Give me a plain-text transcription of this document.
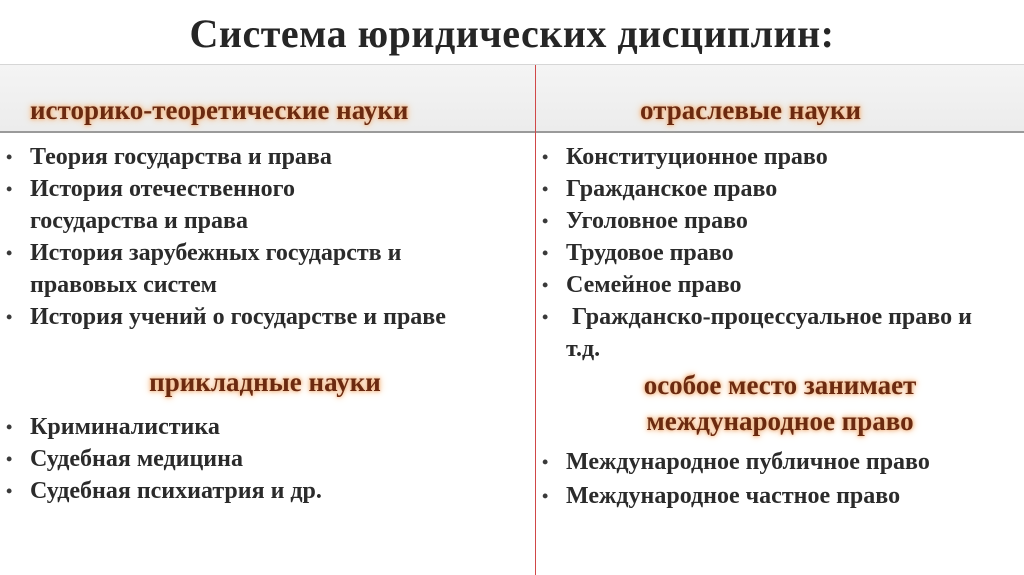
Система юридических дисциплин:
историко-теоретические науки
• Теория государства и права
• История отечественного государства и права
• История зарубежных государств и правовых систем
• История учений о государстве и праве
прикладные науки
• Криминалистика
• Судебная медицина
• Судебная психиатрия и др.
отраслевые науки
• Конституционное право
• Гражданское право
• Уголовное право
• Трудовое право
• Семейное право
• Гражданско-процессуальное право и т.д.
особое место занимает
международное право
• Международное публичное право
• Международное частное право
